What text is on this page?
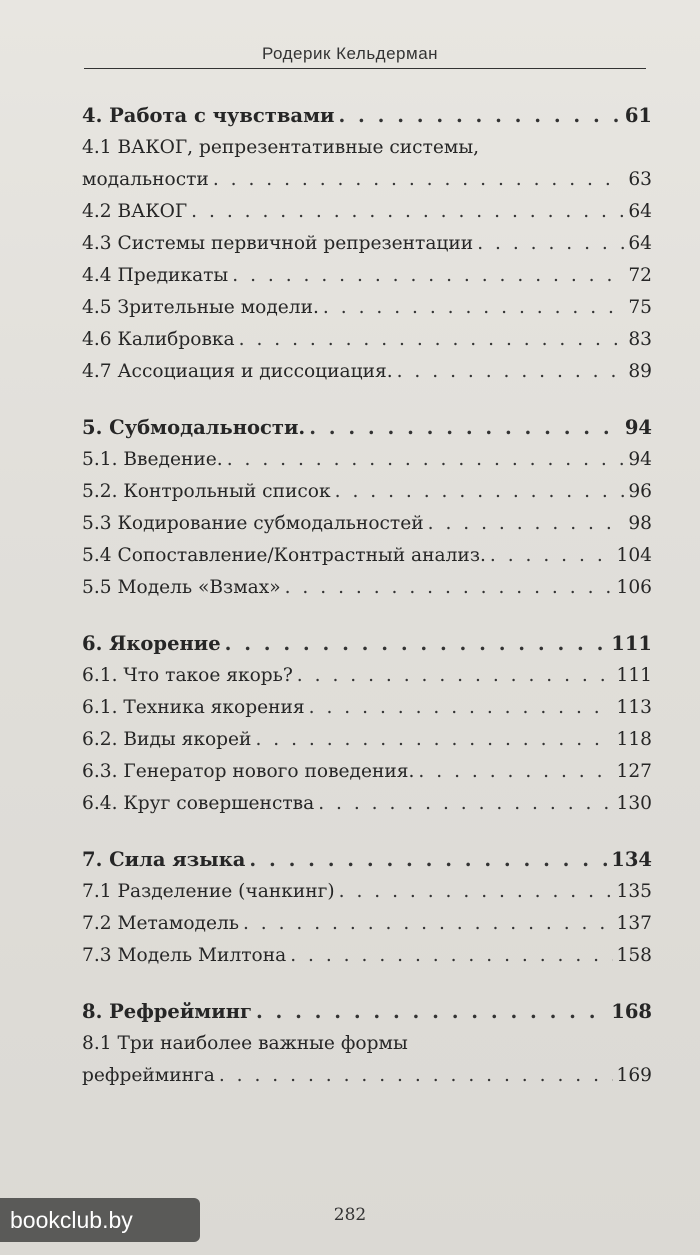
Родерик Кельдерман
4. Работа с чувствами . . .	61
4.1 ВАКОГ, репрезентативные системы,
модальности . . .	63
4.2 ВАКОГ . . .	64
4.3 Системы первичной репрезентации . . .	64
4.4 Предикаты . . .	72
4.5 Зрительные модели. . . .	75
4.6 Калибровка . . .	83
4.7 Ассоциация и диссоциация. . . .	89
5. Субмодальности. . . .	94
5.1. Введение. . . .	94
5.2. Контрольный список . . .	96
5.3 Кодирование субмодальностей . . .	98
5.4 Сопоставление/Контрастный анализ. . . .	104
5.5 Модель «Взмах» . . .	106
6. Якорение . . .	111
6.1. Что такое якорь? . . .	111
6.1. Техника якорения . . .	113
6.2. Виды якорей . . .	118
6.3. Генератор нового поведения. . . .	127
6.4. Круг совершенства . . .	130
7. Сила языка . . .	134
7.1 Разделение (чанкинг) . . .	135
7.2 Метамодель . . .	137
7.3 Модель Милтона . . .	158
8. Рефрейминг . . .	168
8.1 Три наиболее важные формы
рефрейминга . . .	169
282
bookclub.by
